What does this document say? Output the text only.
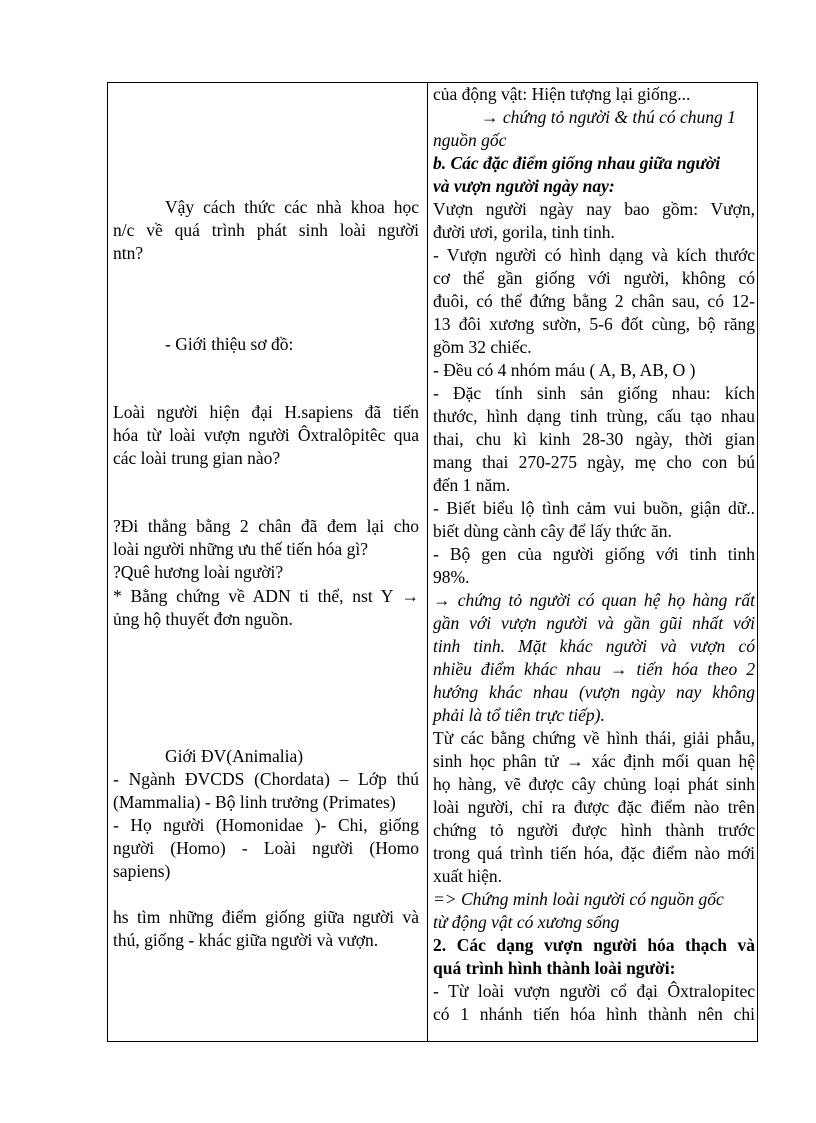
Vậy cách thức các nhà khoa học
n/c về quá trình phát sinh loài người
ntn?
- Giới thiệu sơ đồ:
Loài người hiện đại H.sapiens đã tiến
hóa từ loài vượn người Ôxtralôpitêc qua
các loài trung gian nào?
?Đi thẳng bằng 2 chân đã đem lại cho
loài người những ưu thế tiến hóa gì?
?Quê hương loài người?
* Bằng chứng về ADN ti thể, nst Y →
ủng hộ thuyết đơn nguồn.
Giới ĐV(Animalia)
- Ngành ĐVCDS (Chordata) – Lớp thú
(Mammalia) - Bộ linh trưởng (Primates)
- Họ người (Homonidae )- Chi, giống
người (Homo) - Loài người (Homo
sapiens)
hs tìm những điểm giống giữa người và
thú, giống - khác giữa người và vượn.
của động vật: Hiện tượng lại giống...
→ chứng tỏ người & thú có chung 1
nguồn gốc
b. Các đặc điểm giống nhau giữa người
và vượn người ngày nay:
Vượn người ngày nay bao gồm: Vượn,
đười ươi, gorila, tinh tinh.
- Vượn người có hình dạng và kích thước
cơ thể gần giống với người, không có
đuôi, có thể đứng bằng 2 chân sau, có 12-
13 đôi xương sườn, 5-6 đốt cùng, bộ răng
gồm 32 chiếc.
- Đều có 4 nhóm máu ( A, B, AB, O )
- Đặc tính sinh sản giống nhau: kích
thước, hình dạng tinh trùng, cấu tạo nhau
thai, chu kì kinh 28-30 ngày, thời gian
mang thai 270-275 ngày, mẹ cho con bú
đến 1 năm.
- Biết biểu lộ tình cảm vui buồn, giận dữ..
biết dùng cành cây để lấy thức ăn.
- Bộ gen của người giống với tinh tinh
98%.
→ chứng tỏ người có quan hệ họ hàng rất
gần với vượn người và gần gũi nhất với
tinh tinh. Mặt khác người và vượn có
nhiều điểm khác nhau → tiến hóa theo 2
hướng khác nhau (vượn ngày nay không
phải là tổ tiên trực tiếp).
Từ các bằng chứng về hình thái, giải phẫu,
sinh học phân tử → xác định mối quan hệ
họ hàng, vẽ được cây chủng loại phát sinh
loài người, chỉ ra được đặc điểm nào trên
chứng tỏ người được hình thành trước
trong quá trình tiến hóa, đặc điểm nào mới
xuất hiện.
=> Chứng minh loài người có nguồn gốc
từ động vật có xương sống
2. Các dạng vượn người hóa thạch và
quá trình hình thành loài người:
- Từ loài vượn người cổ đại Ôxtralopitec
có 1 nhánh tiến hóa hình thành nên chi
